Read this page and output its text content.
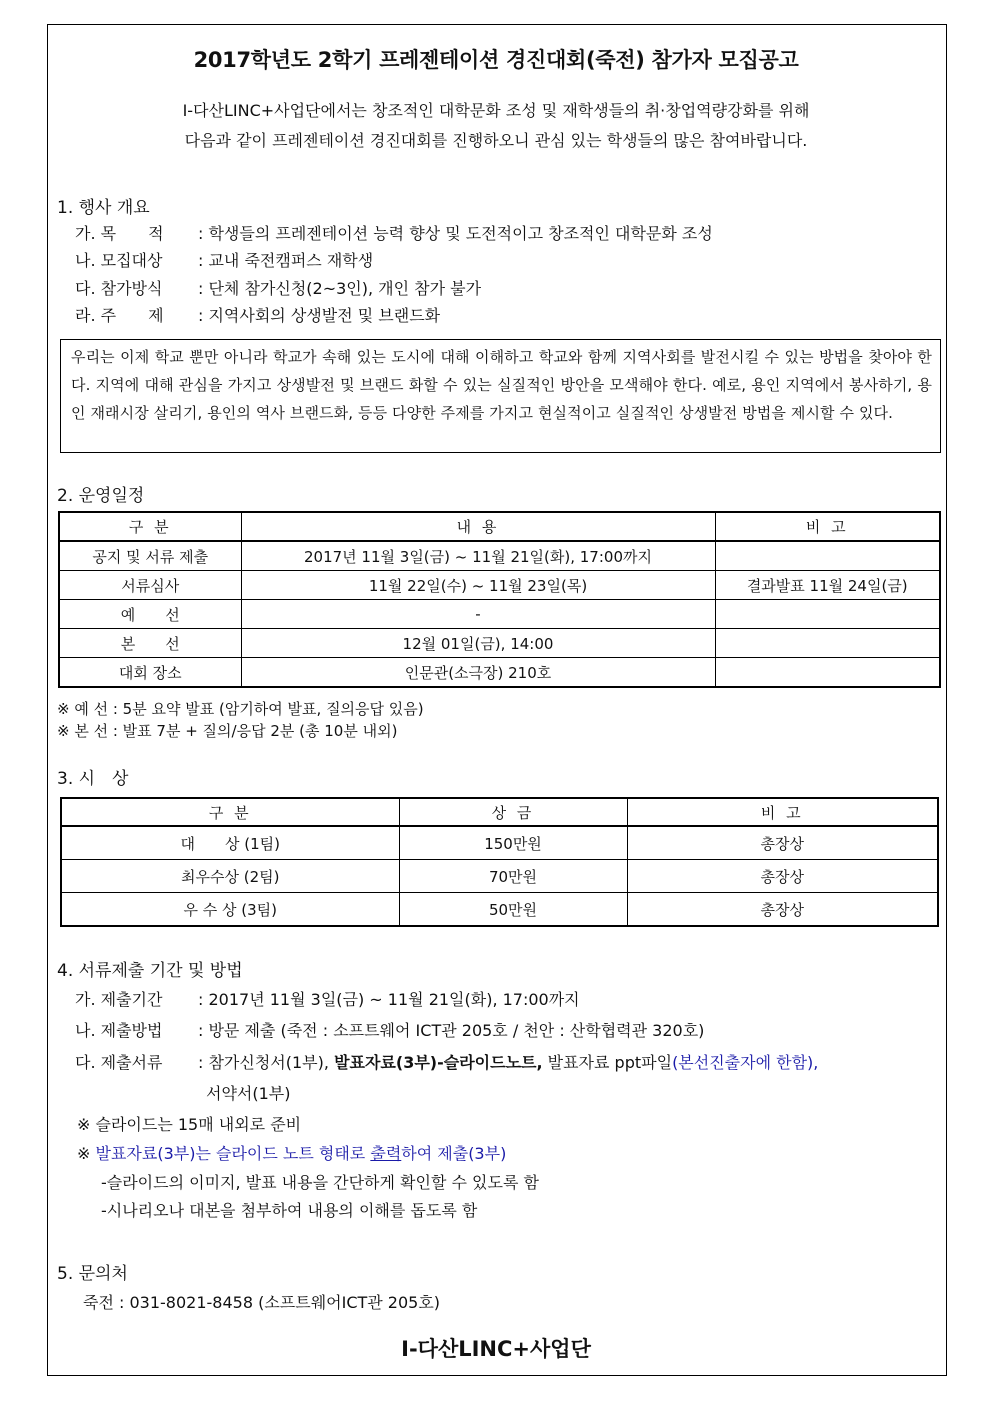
2017학년도 2학기 프레젠테이션 경진대회(죽전) 참가자 모집공고
I-다산LINC+사업단에서는 창조적인 대학문화 조성 및 재학생들의 취·창업역량강화를 위해
다음과 같이 프레젠테이션 경진대회를 진행하오니 관심 있는 학생들의 많은 참여바랍니다.
1. 행사 개요
가. 목　　적 : 학생들의 프레젠테이션 능력 향상 및 도전적이고 창조적인 대학문화 조성
나. 모집대상 : 교내 죽전캠퍼스 재학생
다. 참가방식 : 단체 참가신청(2~3인), 개인 참가 불가
라. 주　　제 : 지역사회의 상생발전 및 브랜드화
우리는 이제 학교 뿐만 아니라 학교가 속해 있는 도시에 대해 이해하고 학교와 함께 지역사회를 발전시킬 수 있는 방법을 찾아야 한다. 지역에 대해 관심을 가지고 상생발전 및 브랜드 화할 수 있는 실질적인 방안을 모색해야 한다. 예로, 용인 지역에서 봉사하기, 용인 재래시장 살리기, 용인의 역사 브랜드화, 등등 다양한 주제를 가지고 현실적이고 실질적인 상생발전 방법을 제시할 수 있다.
2. 운영일정
구 분	내 용	비 고
공지 및 서류 제출	2017년 11월 3일(금) ~ 11월 21일(화), 17:00까지	
서류심사	11월 22일(수) ~ 11월 23일(목)	결과발표 11월 24일(금)
예　　선	-	
본　　선	12월 01일(금), 14:00	
대회 장소	인문관(소극장) 210호	
※ 예 선 : 5분 요약 발표 (암기하여 발표, 질의응답 있음)
※ 본 선 : 발표 7분 + 질의/응답 2분 (총 10분 내외)
3. 시　상
구 분	상 금	비 고
대　　상 (1팀)	150만원	총장상
최우수상 (2팀)	70만원	총장상
우 수 상 (3팀)	50만원	총장상
4. 서류제출 기간 및 방법
가. 제출기간 : 2017년 11월 3일(금) ~ 11월 21일(화), 17:00까지
나. 제출방법 : 방문 제출 (죽전 : 소프트웨어 ICT관 205호 / 천안 : 산학협력관 320호)
다. 제출서류 : 참가신청서(1부), 발표자료(3부)-슬라이드노트, 발표자료 ppt파일(본선진출자에 한함),
서약서(1부)
※ 슬라이드는 15매 내외로 준비
※ 발표자료(3부)는 슬라이드 노트 형태로 출력하여 제출(3부)
-슬라이드의 이미지, 발표 내용을 간단하게 확인할 수 있도록 함
-시나리오나 대본을 첨부하여 내용의 이해를 돕도록 함
5. 문의처
죽전 : 031-8021-8458 (소프트웨어ICT관 205호)
I-다산LINC+사업단
